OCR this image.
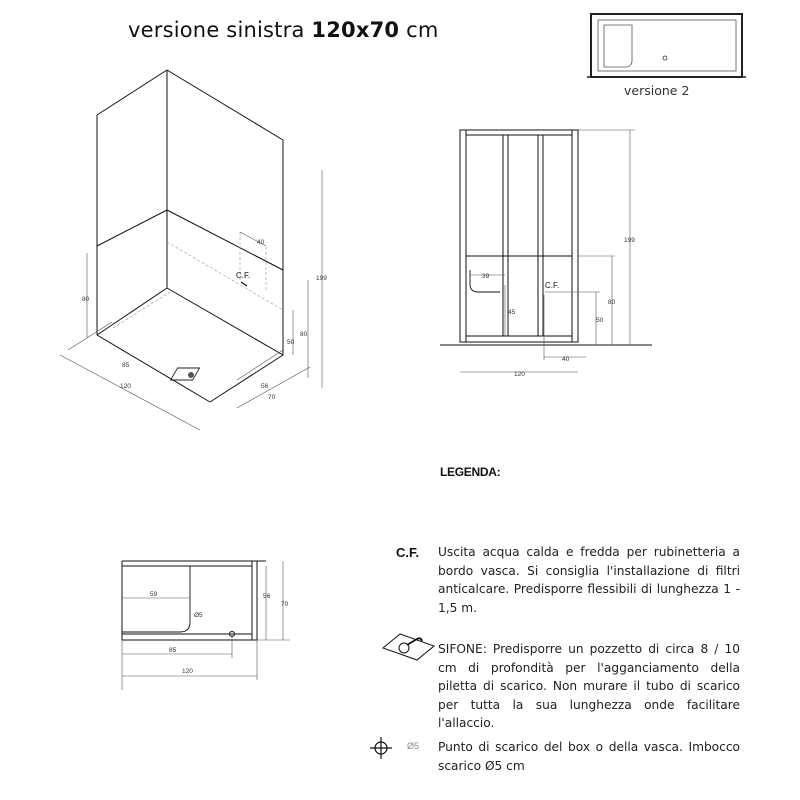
versione sinistra 120x70 cm
versione 2
C.F.
40
80
50
80
199
85
120	56
70
C.F.
199
39
45
80
50
40
120
59
Ø5
56
70
85
120
LEGENDA:
C.F. Uscita acqua calda e fredda per rubinetteria a bordo vasca. Si consiglia l'installazione di filtri anticalcare. Predisporre flessibili di lunghezza 1 - 1,5 m.
SIFONE: Predisporre un pozzetto di circa 8 / 10 cm di profondità per l'agganciamento della piletta di scarico. Non murare il tubo di scarico per tutta la sua lunghezza onde facilitare l'allaccio.
Ø5 Punto di scarico del box o della vasca. Imbocco scarico Ø5 cm
